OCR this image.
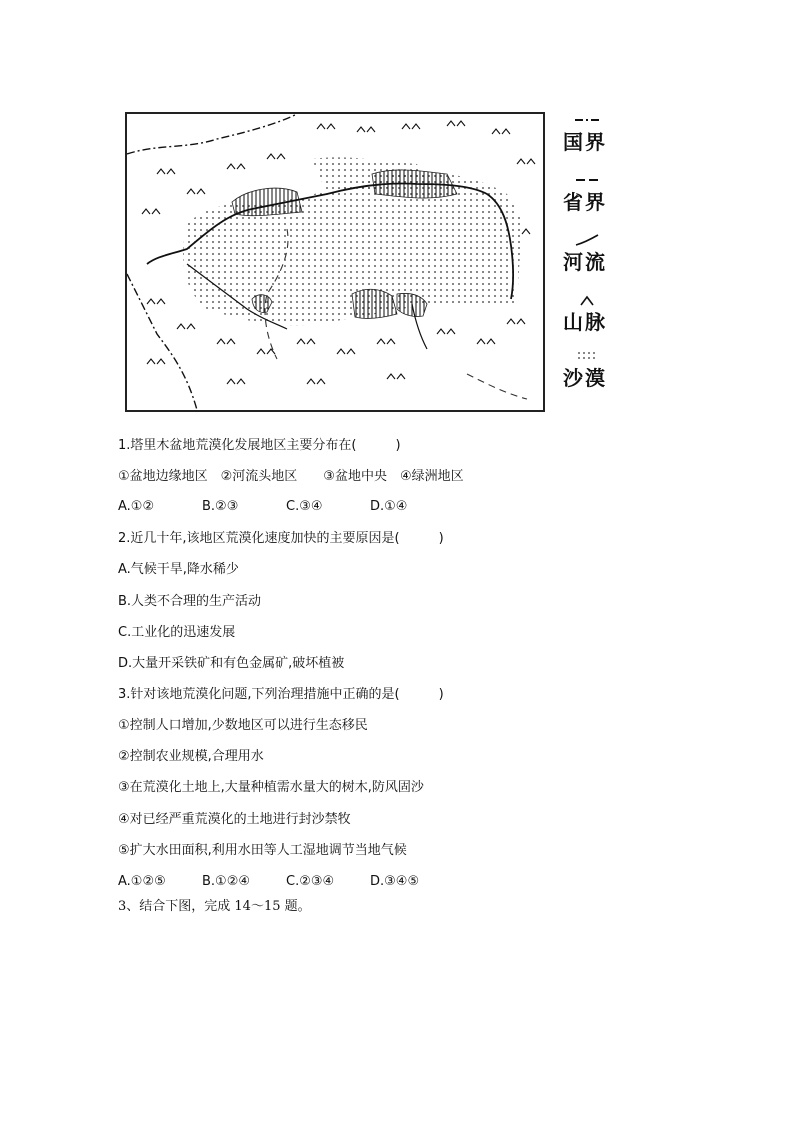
国界
省界
河流
山脉
沙漠
1.塔里木盆地荒漠化发展地区主要分布在(　　　)
①盆地边缘地区　②河流头地区　　③盆地中央　④绿洲地区
A.①②	B.②③	C.③④	D.①④
2.近几十年,该地区荒漠化速度加快的主要原因是(　　　)
A.气候干旱,降水稀少
B.人类不合理的生产活动
C.工业化的迅速发展
D.大量开采铁矿和有色金属矿,破坏植被
3.针对该地荒漠化问题,下列治理措施中正确的是(　　　)
①控制人口增加,少数地区可以进行生态移民
②控制农业规模,合理用水
③在荒漠化土地上,大量种植需水量大的树木,防风固沙
④对已经严重荒漠化的土地进行封沙禁牧
⑤扩大水田面积,利用水田等人工湿地调节当地气候
A.①②⑤	B.①②④	C.②③④	D.③④⑤
3、结合下图，完成 14～15 题。
